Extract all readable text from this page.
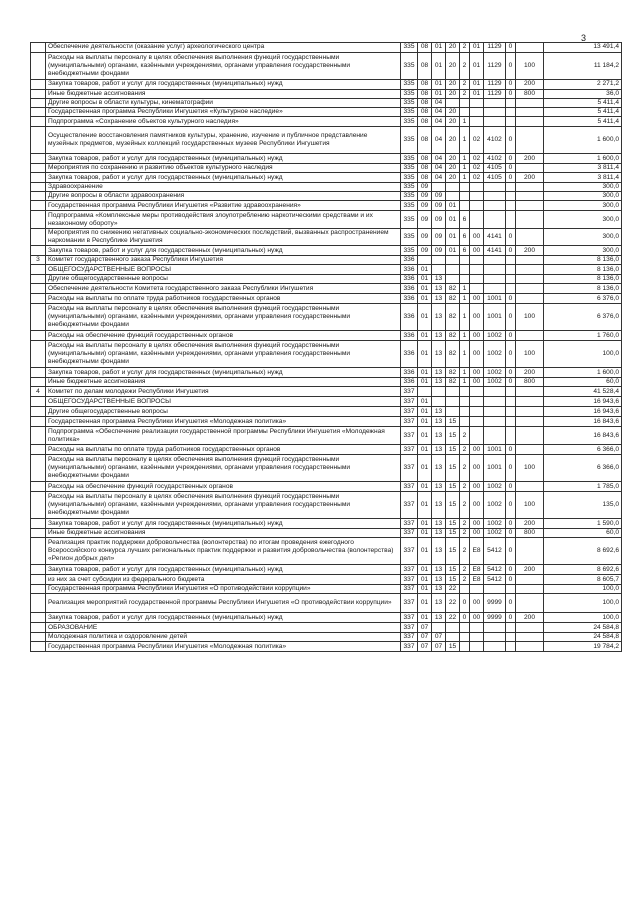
3
	Обеспечение деятельности (оказание услуг) археологического центра	335	08	01	20	2	01	1129	0		13 491,4
	Расходы на выплаты персоналу в целях обеспечения выполнения функций государственными (муниципальными) органами, казёнными учреждениями, органами управления государственными внебюджетными фондами	335	08	01	20	2	01	1129	0	100	11 184,2
	Закупка товаров, работ и услуг для государственных (муниципальных) нужд	335	08	01	20	2	01	1129	0	200	2 271,2
	Иные бюджетные ассигнования	335	08	01	20	2	01	1129	0	800	36,0
	Другие вопросы в области культуры, кинематографии	335	08	04							5 411,4
	Государственная программа Республики Ингушетия «Культурное наследие»	335	08	04	20						5 411,4
	Подпрограмма «Сохранение объектов культурного наследия»	335	08	04	20	1					5 411,4
	Осуществление восстановления памятников культуры, хранение, изучение и публичное представление музейных предметов, музейных коллекций государственных музеев Республики Ингушетия	335	08	04	20	1	02	4102	0		1 600,0
	Закупка товаров, работ и услуг для государственных (муниципальных) нужд	335	08	04	20	1	02	4102	0	200	1 600,0
	Мероприятия по сохранению и развитию объектов культурного наследия	335	08	04	20	1	02	4105	0		3 811,4
	Закупка товаров, работ и услуг для государственных (муниципальных) нужд	335	08	04	20	1	02	4105	0	200	3 811,4
	Здравоохранение	335	09								300,0
	Другие вопросы в области здравоохранения	335	09	09							300,0
	Государственная программа Республики Ингушетия «Развитие здравоохранения»	335	09	09	01						300,0
	Подпрограмма «Комплексные меры противодействия злоупотреблению наркотическими средствами и их незаконному обороту»	335	09	09	01	6					300,0
	Мероприятия по снижению негативных социально-экономических последствий, вызванных распространением наркомании в Республике Ингушетия	335	09	09	01	6	00	4141	0		300,0
	Закупка товаров, работ и услуг для государственных (муниципальных) нужд	335	09	09	01	6	00	4141	0	200	300,0
3	Комитет государственного заказа Республики Ингушетия	336									8 136,0
	ОБЩЕГОСУДАРСТВЕННЫЕ ВОПРОСЫ	336	01								8 136,0
	Другие общегосударственные вопросы	336	01	13							8 136,0
	Обеспечение деятельности Комитета государственного заказа Республики Ингушетия	336	01	13	82	1					8 136,0
	Расходы на выплаты по оплате труда работников государственных органов	336	01	13	82	1	00	1001	0		6 376,0
	Расходы на выплаты персоналу в целях обеспечения выполнения функций государственными (муниципальными) органами, казёнными учреждениями, органами управления государственными внебюджетными фондами	336	01	13	82	1	00	1001	0	100	6 376,0
	Расходы на обеспечение функций государственных органов	336	01	13	82	1	00	1002	0		1 760,0
	Расходы на выплаты персоналу в целях обеспечения выполнения функций государственными (муниципальными) органами, казёнными учреждениями, органами управления государственными внебюджетными фондами	336	01	13	82	1	00	1002	0	100	100,0
	Закупка товаров, работ и услуг для государственных (муниципальных) нужд	336	01	13	82	1	00	1002	0	200	1 600,0
	Иные бюджетные ассигнования	336	01	13	82	1	00	1002	0	800	60,0
4	Комитет по делам молодежи Республики Ингушетия	337									41 528,4
	ОБЩЕГОСУДАРСТВЕННЫЕ ВОПРОСЫ	337	01								16 943,6
	Другие общегосударственные вопросы	337	01	13							16 943,6
	Государственная программа Республики Ингушетия «Молодежная политика»	337	01	13	15						16 843,6
	Подпрограмма «Обеспечение реализации государственной программы Республики Ингушетия «Молодежная политика»	337	01	13	15	2					16 843,6
	Расходы на выплаты по оплате труда работников государственных органов	337	01	13	15	2	00	1001	0		6 366,0
	Расходы на выплаты персоналу в целях обеспечения выполнения функций государственными (муниципальными) органами, казёнными учреждениями, органами управления государственными внебюджетными фондами	337	01	13	15	2	00	1001	0	100	6 366,0
	Расходы на обеспечение функций государственных органов	337	01	13	15	2	00	1002	0		1 785,0
	Расходы на выплаты персоналу в целях обеспечения выполнения функций государственными (муниципальными) органами, казёнными учреждениями, органами управления государственными внебюджетными фондами	337	01	13	15	2	00	1002	0	100	135,0
	Закупка товаров, работ и услуг для государственных (муниципальных) нужд	337	01	13	15	2	00	1002	0	200	1 590,0
	Иные бюджетные ассигнования	337	01	13	15	2	00	1002	0	800	60,0
	Реализация практик поддержки добровольчества (волонтерства) по итогам проведения ежегодного Всероссийского конкурса лучших региональных практик поддержки и развития добровольчества (волонтерства) «Регион добрых дел»	337	01	13	15	2	E8	5412	0		8 692,6
	Закупка товаров, работ и услуг для государственных (муниципальных) нужд	337	01	13	15	2	E8	5412	0	200	8 692,6
	из них за счет субсидии из федерального бюджета	337	01	13	15	2	E8	5412	0		8 605,7
	Государственная программа Республики Ингушетия «О противодействии коррупции»	337	01	13	22						100,0
	Реализация мероприятий государственной программы Республики Ингушетия «О противодействии коррупции»	337	01	13	22	0	00	9999	0		100,0
	Закупка товаров, работ и услуг для государственных (муниципальных) нужд	337	01	13	22	0	00	9999	0	200	100,0
	ОБРАЗОВАНИЕ	337	07								24 584,8
	Молодежная политика и оздоровление детей	337	07	07							24 584,8
	Государственная программа Республики Ингушетия «Молодежная политика»	337	07	07	15						19 784,2
